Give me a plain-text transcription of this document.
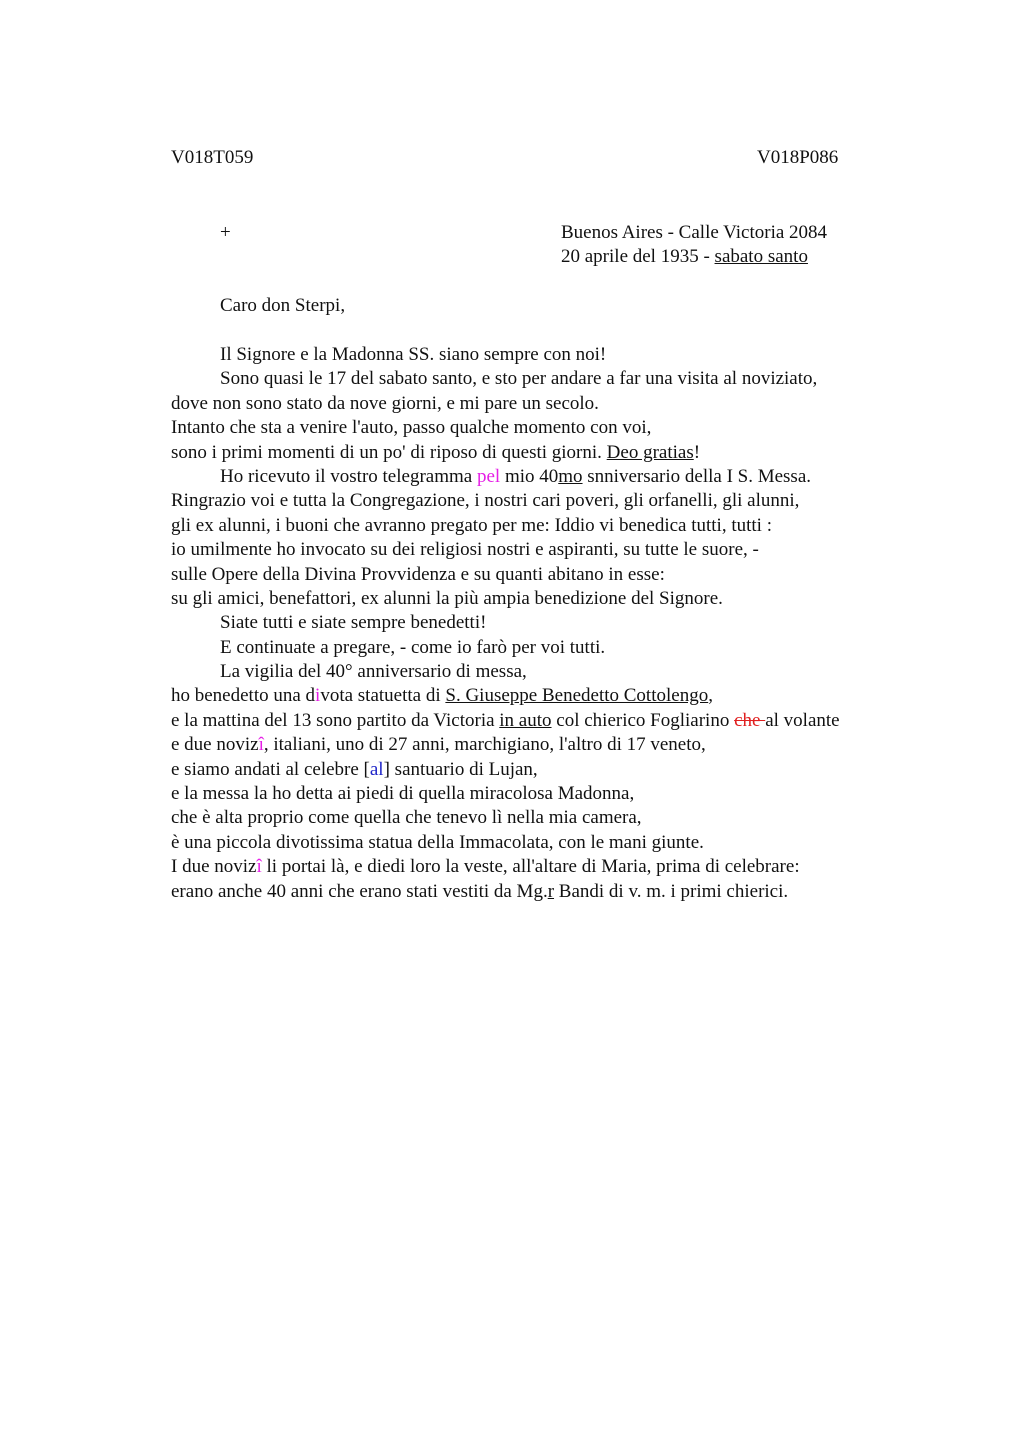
V018T059	V018P086
+	Buenos Aires - Calle Victoria 2084
20 aprile del 1935 - sabato santo
Caro don Sterpi,
Il Signore e la Madonna SS. siano sempre con noi!
Sono quasi le 17 del sabato santo, e sto per andare a far una visita al noviziato,
dove non sono stato da nove giorni, e mi pare un secolo.
Intanto che sta a venire l'auto, passo qualche momento con voi,
sono i primi momenti di un po' di riposo di questi giorni. Deo gratias!
Ho ricevuto il vostro telegramma pel mio 40mo snniversario della I S. Messa.
Ringrazio voi e tutta la Congregazione, i nostri cari poveri, gli orfanelli, gli alunni,
gli ex alunni, i buoni che avranno pregato per me: Iddio vi benedica tutti, tutti :
io umilmente ho invocato su dei religiosi nostri e aspiranti, su tutte le suore, -
sulle Opere della Divina Provvidenza e su quanti abitano in esse:
su gli amici, benefattori, ex alunni la più ampia benedizione del Signore.
Siate tutti e siate sempre benedetti!
E continuate a pregare, - come io farò per voi tutti.
La vigilia del 40° anniversario di messa,
ho benedetto una divota statuetta di S. Giuseppe Benedetto Cottolengo,
e la mattina del 13 sono partito da Victoria in auto col chierico Fogliarino che al volante
e due novizî, italiani, uno di 27 anni, marchigiano, l'altro di 17 veneto,
e siamo andati al celebre [al] santuario di Lujan,
e la messa la ho detta ai piedi di quella miracolosa Madonna,
che è alta proprio come quella che tenevo lì nella mia camera,
è una piccola divotissima statua della Immacolata, con le mani giunte.
I due novizî li portai là, e diedi loro la veste, all'altare di Maria, prima di celebrare:
erano anche 40 anni che erano stati vestiti da Mg.r Bandi di v. m. i primi chierici.
